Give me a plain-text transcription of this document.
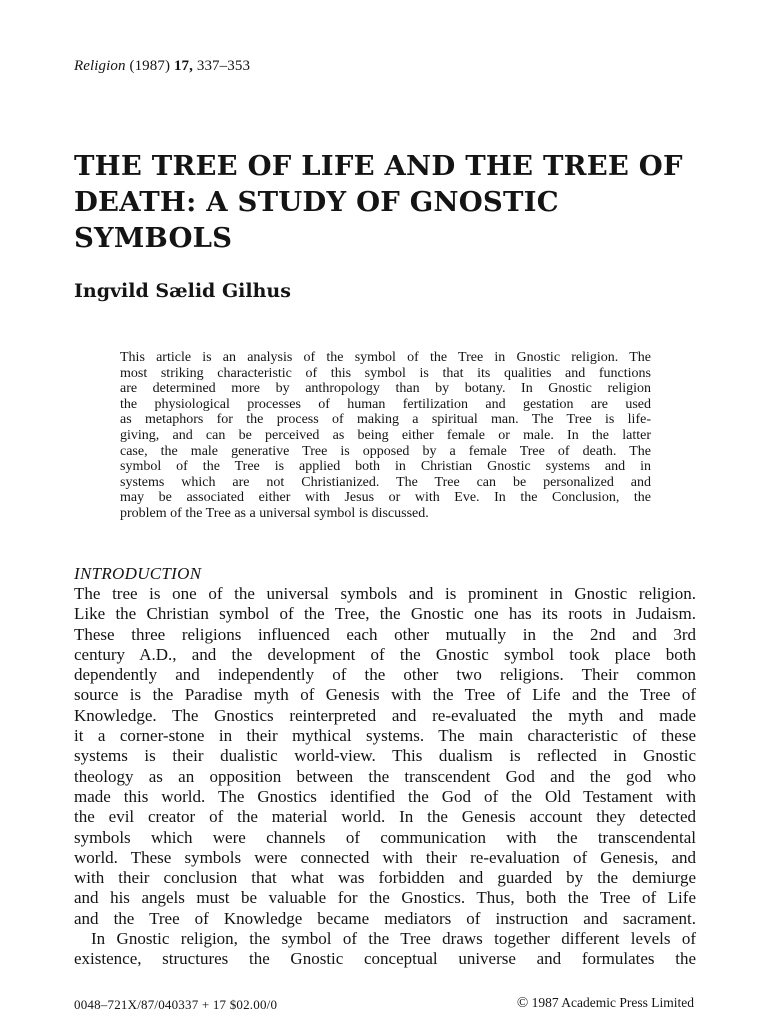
Religion (1987) 17, 337–353
THE TREE OF LIFE AND THE TREE OF
DEATH: A STUDY OF GNOSTIC
SYMBOLS
Ingvild Sælid Gilhus
This article is an analysis of the symbol of the Tree in Gnostic religion. The
most striking characteristic of this symbol is that its qualities and functions
are determined more by anthropology than by botany. In Gnostic religion
the physiological processes of human fertilization and gestation are used
as metaphors for the process of making a spiritual man. The Tree is life-
giving, and can be perceived as being either female or male. In the latter
case, the male generative Tree is opposed by a female Tree of death. The
symbol of the Tree is applied both in Christian Gnostic systems and in
systems which are not Christianized. The Tree can be personalized and
may be associated either with Jesus or with Eve. In the Conclusion, the
problem of the Tree as a universal symbol is discussed.
INTRODUCTION
The tree is one of the universal symbols and is prominent in Gnostic religion.
Like the Christian symbol of the Tree, the Gnostic one has its roots in Judaism.
These three religions influenced each other mutually in the 2nd and 3rd
century A.D., and the development of the Gnostic symbol took place both
dependently and independently of the other two religions. Their common
source is the Paradise myth of Genesis with the Tree of Life and the Tree of
Knowledge. The Gnostics reinterpreted and re-evaluated the myth and made
it a corner-stone in their mythical systems. The main characteristic of these
systems is their dualistic world-view. This dualism is reflected in Gnostic
theology as an opposition between the transcendent God and the god who
made this world. The Gnostics identified the God of the Old Testament with
the evil creator of the material world. In the Genesis account they detected
symbols which were channels of communication with the transcendental
world. These symbols were connected with their re-evaluation of Genesis, and
with their conclusion that what was forbidden and guarded by the demiurge
and his angels must be valuable for the Gnostics. Thus, both the Tree of Life
and the Tree of Knowledge became mediators of instruction and sacrament.
In Gnostic religion, the symbol of the Tree draws together different levels of
existence, structures the Gnostic conceptual universe and formulates the
0048–721X/87/040337 + 17 $02.00/0	© 1987 Academic Press Limited
